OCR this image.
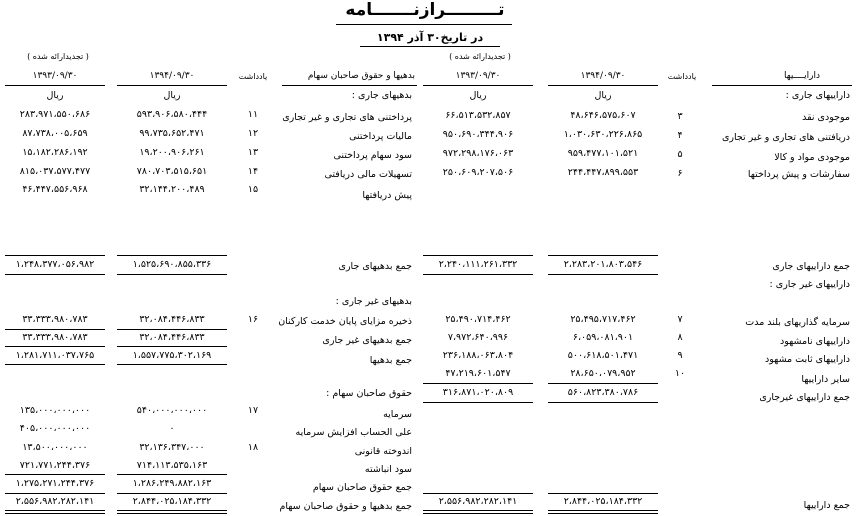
تـــــــــرازنـــــــامه
در تاریخ۳۰ آذر ۱۳۹۴
( تجدیدارائه شده )
دارایــــیها
یادداشت
۱۳۹۴/۰۹/۳۰
۱۳۹۳/۰۹/۳۰
ریال
ریال	داراییهای جاری :
موجودی نقد
۳
۴۸،۶۴۶،۵۷۵،۶۰۷
۶۶،۵۱۳،۵۳۲،۸۵۷
دریافتنی های تجاری و غیر تجاری
۴
۱،۰۳۰،۶۳۰،۲۲۶،۸۶۵
۹۵۰،۶۹۰،۳۴۴،۹۰۶
موجودی مواد و کالا
۵
۹۵۹،۴۷۷،۱۰۱،۵۲۱
۹۷۲،۲۹۸،۱۷۶،۰۶۳
سفارشات و پیش پرداختها
۶
۲۴۴،۴۴۷،۸۹۹،۵۵۳
۲۵۰،۶۰۹،۲۰۷،۵۰۶
جمع داراییهای جاری
۲،۲۸۳،۲۰۱،۸۰۳،۵۴۶
۲،۲۴۰،۱۱۱،۲۶۱،۳۳۲
داراییهای غیر جاری :
سرمایه گذاریهای بلند مدت
۷
۲۵،۴۹۵،۷۱۷،۴۶۲
۲۵،۴۹۰،۷۱۴،۴۶۲
داراییهای نامشهود
۸
۶،۰۵۹،۰۸۱،۹۰۱
۷،۹۷۲،۶۴۰،۹۹۶
داراییهای ثابت مشهود
۹
۵۰۰،۶۱۸،۵۰۱،۴۷۱
۲۳۶،۱۸۸،۰۶۳،۸۰۴
سایر داراییها
۱۰
۲۸،۶۵۰،۰۷۹،۹۵۲
۴۷،۲۱۹،۶۰۱،۵۴۷
جمع داراییهای غیرجاری
۵۶۰،۸۲۳،۳۸۰،۷۸۶
۳۱۶،۸۷۱،۰۲۰،۸۰۹
جمع داراییها
۲،۸۴۴،۰۲۵،۱۸۴،۳۳۲
۲،۵۵۶،۹۸۲،۲۸۲،۱۴۱
( تجدیدارائه شده )
بدهیها و حقوق صاحبان سهام
یادداشت
۱۳۹۴/۰۹/۳۰
۱۳۹۳/۰۹/۳۰
ریال
ریال	بدهیهای جاری :
پرداختنی های تجاری و غیر تجاری
۱۱
۵۹۳،۹۰۶،۵۸۰،۴۴۴
۲۸۳،۹۷۱،۵۵۰،۶۸۶
مالیات پرداختنی
۱۲
۹۹،۷۳۵،۶۵۲،۴۷۱
۸۷،۷۳۸،۰۰۵،۶۵۹
سود سهام پرداختنی
۱۳
۱۹،۲۰۰،۹۰۶،۲۶۱
۱۵،۱۸۲،۲۸۶،۱۹۲
تسهیلات مالی دریافتی
۱۴
۷۸۰،۷۰۳،۵۱۵،۶۵۱
۸۱۵،۰۳۷،۵۷۷،۴۷۷
پیش دریافتها
۱۵
۳۲،۱۴۴،۲۰۰،۴۸۹
۴۶،۴۴۷،۵۵۶،۹۶۸
جمع بدهیهای جاری
۱،۵۲۵،۶۹۰،۸۵۵،۳۳۶
۱،۲۴۸،۳۷۷،۰۵۶،۹۸۲
بدهیهای غیر جاری :
ذخیره مزایای پایان خدمت کارکنان
۱۶
۳۲،۰۸۴،۴۴۶،۸۳۳
۳۳،۳۳۳،۹۸۰،۷۸۳
جمع بدهیهای غیر جاری
۳۲،۰۸۴،۴۴۶،۸۳۳
۳۳،۳۳۳،۹۸۰،۷۸۳
جمع بدهیها
۱،۵۵۷،۷۷۵،۳۰۲،۱۶۹
۱،۲۸۱،۷۱۱،۰۳۷،۷۶۵
حقوق صاحبان سهام :
سرمایه
۱۷
۵۴۰،۰۰۰،۰۰۰،۰۰۰
۱۳۵،۰۰۰،۰۰۰،۰۰۰
علی الحساب افزایش سرمایه
۰
۴۰۵،۰۰۰،۰۰۰،۰۰۰
اندوخته قانونی
۱۸
۳۲،۱۳۶،۳۴۷،۰۰۰
۱۳،۵۰۰،۰۰۰،۰۰۰
سود انباشته
۷۱۴،۱۱۳،۵۳۵،۱۶۳
۷۲۱،۷۷۱،۲۴۴،۳۷۶
جمع حقوق صاحبان سهام
۱،۲۸۶،۲۴۹،۸۸۲،۱۶۳
۱،۲۷۵،۲۷۱،۲۴۴،۳۷۶
جمع بدهیها و حقوق صاحبان سهام
۲،۸۴۴،۰۲۵،۱۸۴،۳۳۲
۲،۵۵۶،۹۸۲،۲۸۲،۱۴۱
